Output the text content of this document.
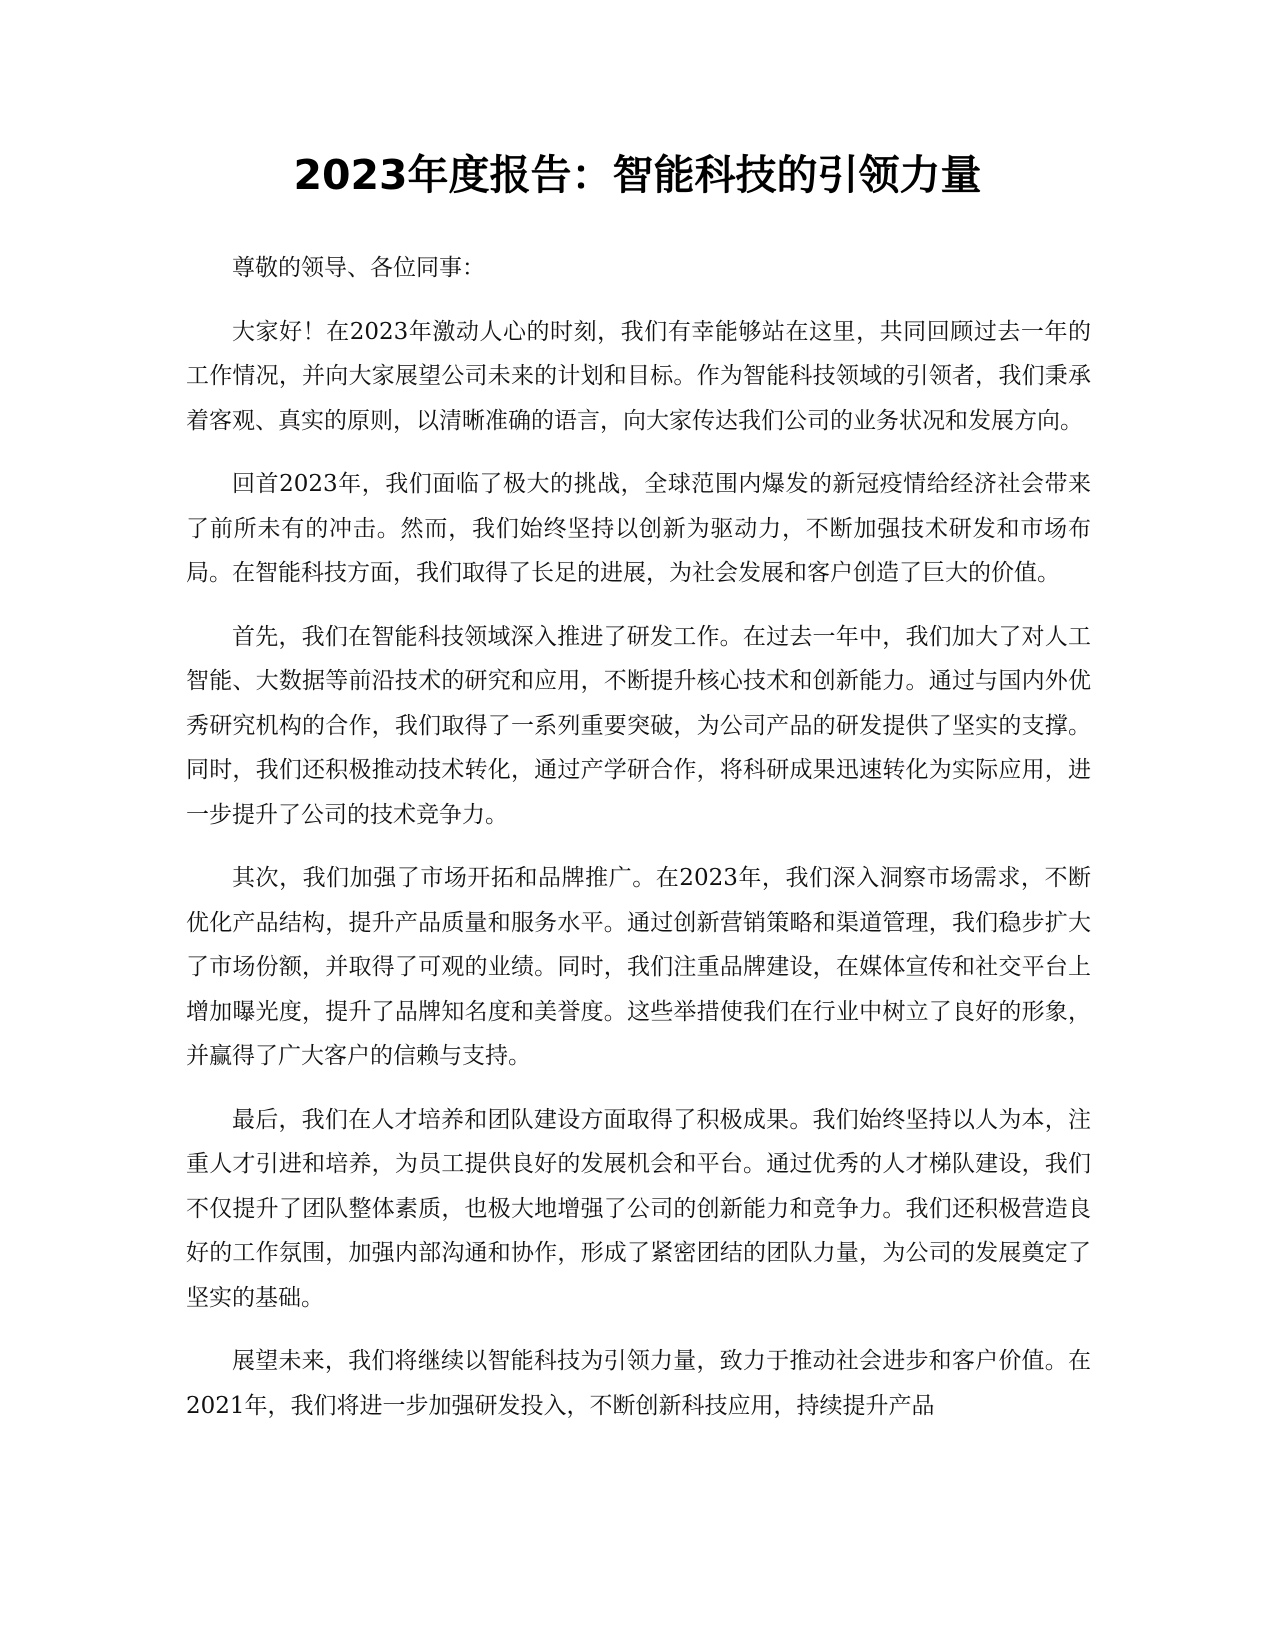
2023年度报告：智能科技的引领力量

尊敬的领导、各位同事：

大家好！在2023年激动人心的时刻，我们有幸能够站在这里，共同回顾过去一年的工作情况，并向大家展望公司未来的计划和目标。作为智能科技领域的引领者，我们秉承着客观、真实的原则，以清晰准确的语言，向大家传达我们公司的业务状况和发展方向。

回首2023年，我们面临了极大的挑战，全球范围内爆发的新冠疫情给经济社会带来了前所未有的冲击。然而，我们始终坚持以创新为驱动力，不断加强技术研发和市场布局。在智能科技方面，我们取得了长足的进展，为社会发展和客户创造了巨大的价值。

首先，我们在智能科技领域深入推进了研发工作。在过去一年中，我们加大了对人工智能、大数据等前沿技术的研究和应用，不断提升核心技术和创新能力。通过与国内外优秀研究机构的合作，我们取得了一系列重要突破，为公司产品的研发提供了坚实的支撑。同时，我们还积极推动技术转化，通过产学研合作，将科研成果迅速转化为实际应用，进一步提升了公司的技术竞争力。

其次，我们加强了市场开拓和品牌推广。在2023年，我们深入洞察市场需求，不断优化产品结构，提升产品质量和服务水平。通过创新营销策略和渠道管理，我们稳步扩大了市场份额，并取得了可观的业绩。同时，我们注重品牌建设，在媒体宣传和社交平台上增加曝光度，提升了品牌知名度和美誉度。这些举措使我们在行业中树立了良好的形象，并赢得了广大客户的信赖与支持。

最后，我们在人才培养和团队建设方面取得了积极成果。我们始终坚持以人为本，注重人才引进和培养，为员工提供良好的发展机会和平台。通过优秀的人才梯队建设，我们不仅提升了团队整体素质，也极大地增强了公司的创新能力和竞争力。我们还积极营造良好的工作氛围，加强内部沟通和协作，形成了紧密团结的团队力量，为公司的发展奠定了坚实的基础。

展望未来，我们将继续以智能科技为引领力量，致力于推动社会进步和客户价值。在2021年，我们将进一步加强研发投入，不断创新科技应用，持续提升产品
